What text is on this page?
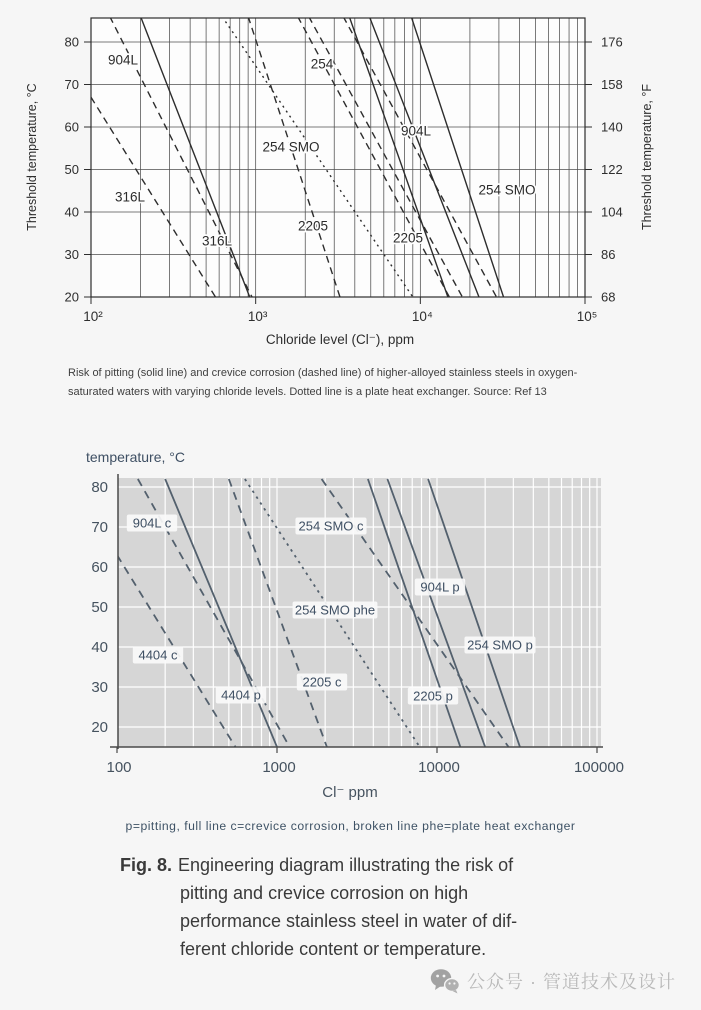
80
70
60
50
40
30
20
176
158
140
122
104
86
68
10²	10³	10⁴	10⁵
Threshold temperature, °C	Threshold temperature, °F
Chloride level (Cl⁻), ppm
904L	254
254 SMO
904L
254 SMO
316L
316L
2205
2205
80
70
60
50
40
30
20
100	1000	10000	100000
temperature, °C
Cl⁻ ppm
904L c	254 SMO c
254 SMO phe
4404 c
4404 p
2205 c
904L p
2205 p
254 SMO p
Risk of pitting (solid line) and crevice corrosion (dashed line) of higher-alloyed stainless steels in oxygen-
saturated waters with varying chloride levels. Dotted line is a plate heat exchanger. Source: Ref 13
p=pitting, full line c=crevice corrosion, broken line phe=plate heat exchanger
Fig. 8. Engineering diagram illustrating the risk of
pitting and crevice corrosion on high
performance stainless steel in water of dif-
ferent chloride content or temperature.
公众号 · 管道技术及设计
